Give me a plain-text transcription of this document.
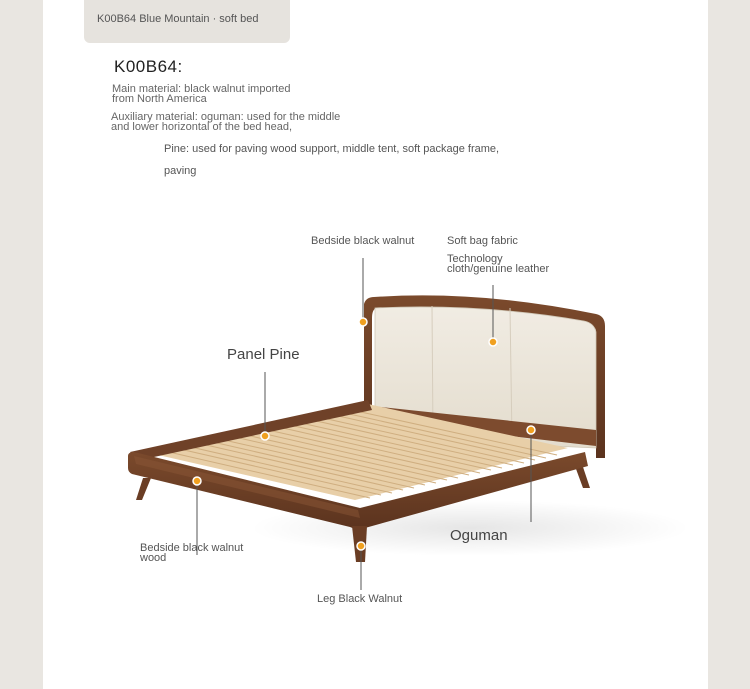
K00B64 Blue Mountain · soft bed
K00B64:
Main material: black walnut imported
from North America
Auxiliary material: oguman: used for the middle
and lower horizontal of the bed head,
Pine: used for paving wood support, middle tent, soft package frame,
paving
Bedside black walnut	Soft bag fabric
Technology
cloth/genuine leather
Panel Pine
Bedside black walnut
wood
Oguman
Leg Black Walnut
